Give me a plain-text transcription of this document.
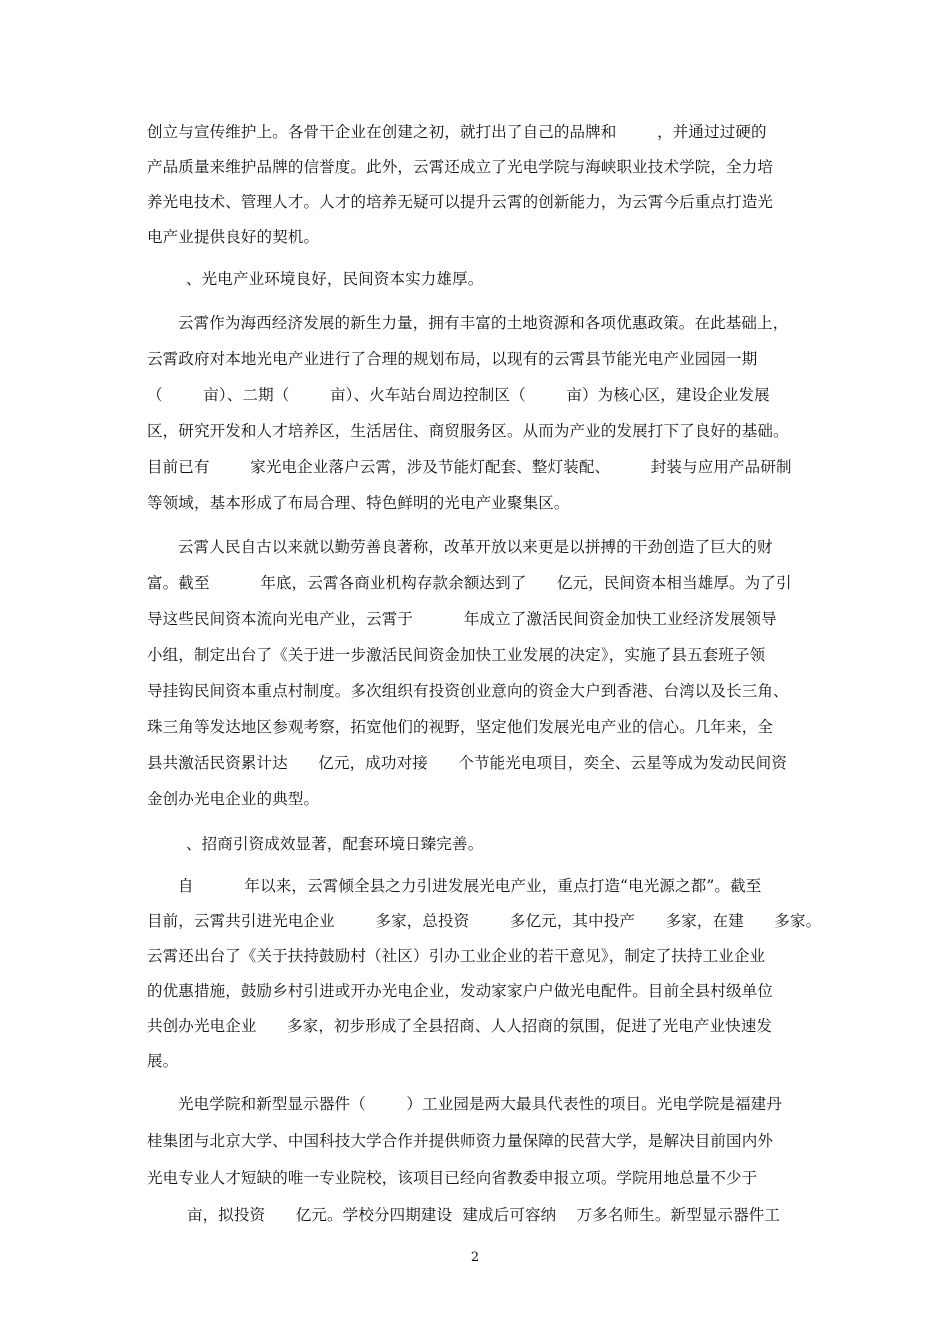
创立与宣传维护上。各骨干企业在创建之初，就打出了自己的品牌和        ，并通过过硬的
产品质量来维护品牌的信誉度。此外，云霄还成立了光电学院与海峡职业技术学院，全力培
养光电技术、管理人才。人才的培养无疑可以提升云霄的创新能力，为云霄今后重点打造光
电产业提供良好的契机。
、光电产业环境良好，民间资本实力雄厚。
云霄作为海西经济发展的新生力量，拥有丰富的土地资源和各项优惠政策。在此基础上，
云霄政府对本地光电产业进行了合理的规划布局，以现有的云霄县节能光电产业园园一期
（        亩）、二期（        亩）、火车站台周边控制区（        亩）为核心区，建设企业发展
区，研究开发和人才培养区，生活居住、商贸服务区。从而为产业的发展打下了良好的基础。
目前已有        家光电企业落户云霄，涉及节能灯配套、整灯装配、        封装与应用产品研制
等领域，基本形成了布局合理、特色鲜明的光电产业聚集区。
云霄人民自古以来就以勤劳善良著称，改革开放以来更是以拼搏的干劲创造了巨大的财
富。截至          年底，云霄各商业机构存款余额达到了      亿元，民间资本相当雄厚。为了引
导这些民间资本流向光电产业，云霄于          年成立了激活民间资金加快工业经济发展领导
小组，制定出台了《关于进一步激活民间资金加快工业发展的决定》，实施了县五套班子领
导挂钩民间资本重点村制度。多次组织有投资创业意向的资金大户到香港、台湾以及长三角、
珠三角等发达地区参观考察，拓宽他们的视野，坚定他们发展光电产业的信心。几年来，全
县共激活民资累计达      亿元，成功对接      个节能光电项目，奕全、云星等成为发动民间资
金创办光电企业的典型。
、招商引资成效显著，配套环境日臻完善。
自          年以来，云霄倾全县之力引进发展光电产业，重点打造“电光源之都”。截至
目前，云霄共引进光电企业        多家，总投资        多亿元，其中投产      多家，在建      多家。
云霄还出台了《关于扶持鼓励村（社区）引办工业企业的若干意见》，制定了扶持工业企业
的优惠措施，鼓励乡村引进或开办光电企业，发动家家户户做光电配件。目前全县村级单位
共创办光电企业      多家，初步形成了全县招商、人人招商的氛围，促进了光电产业快速发
展。
光电学院和新型显示器件（        ）工业园是两大最具代表性的项目。光电学院是福建丹
桂集团与北京大学、中国科技大学合作并提供师资力量保障的民营大学，是解决目前国内外
光电专业人才短缺的唯一专业院校，该项目已经向省教委申报立项。学院用地总量不少于
亩，拟投资      亿元。学校分四期建设  建成后可容纳    万多名师生。新型显示器件工
2
